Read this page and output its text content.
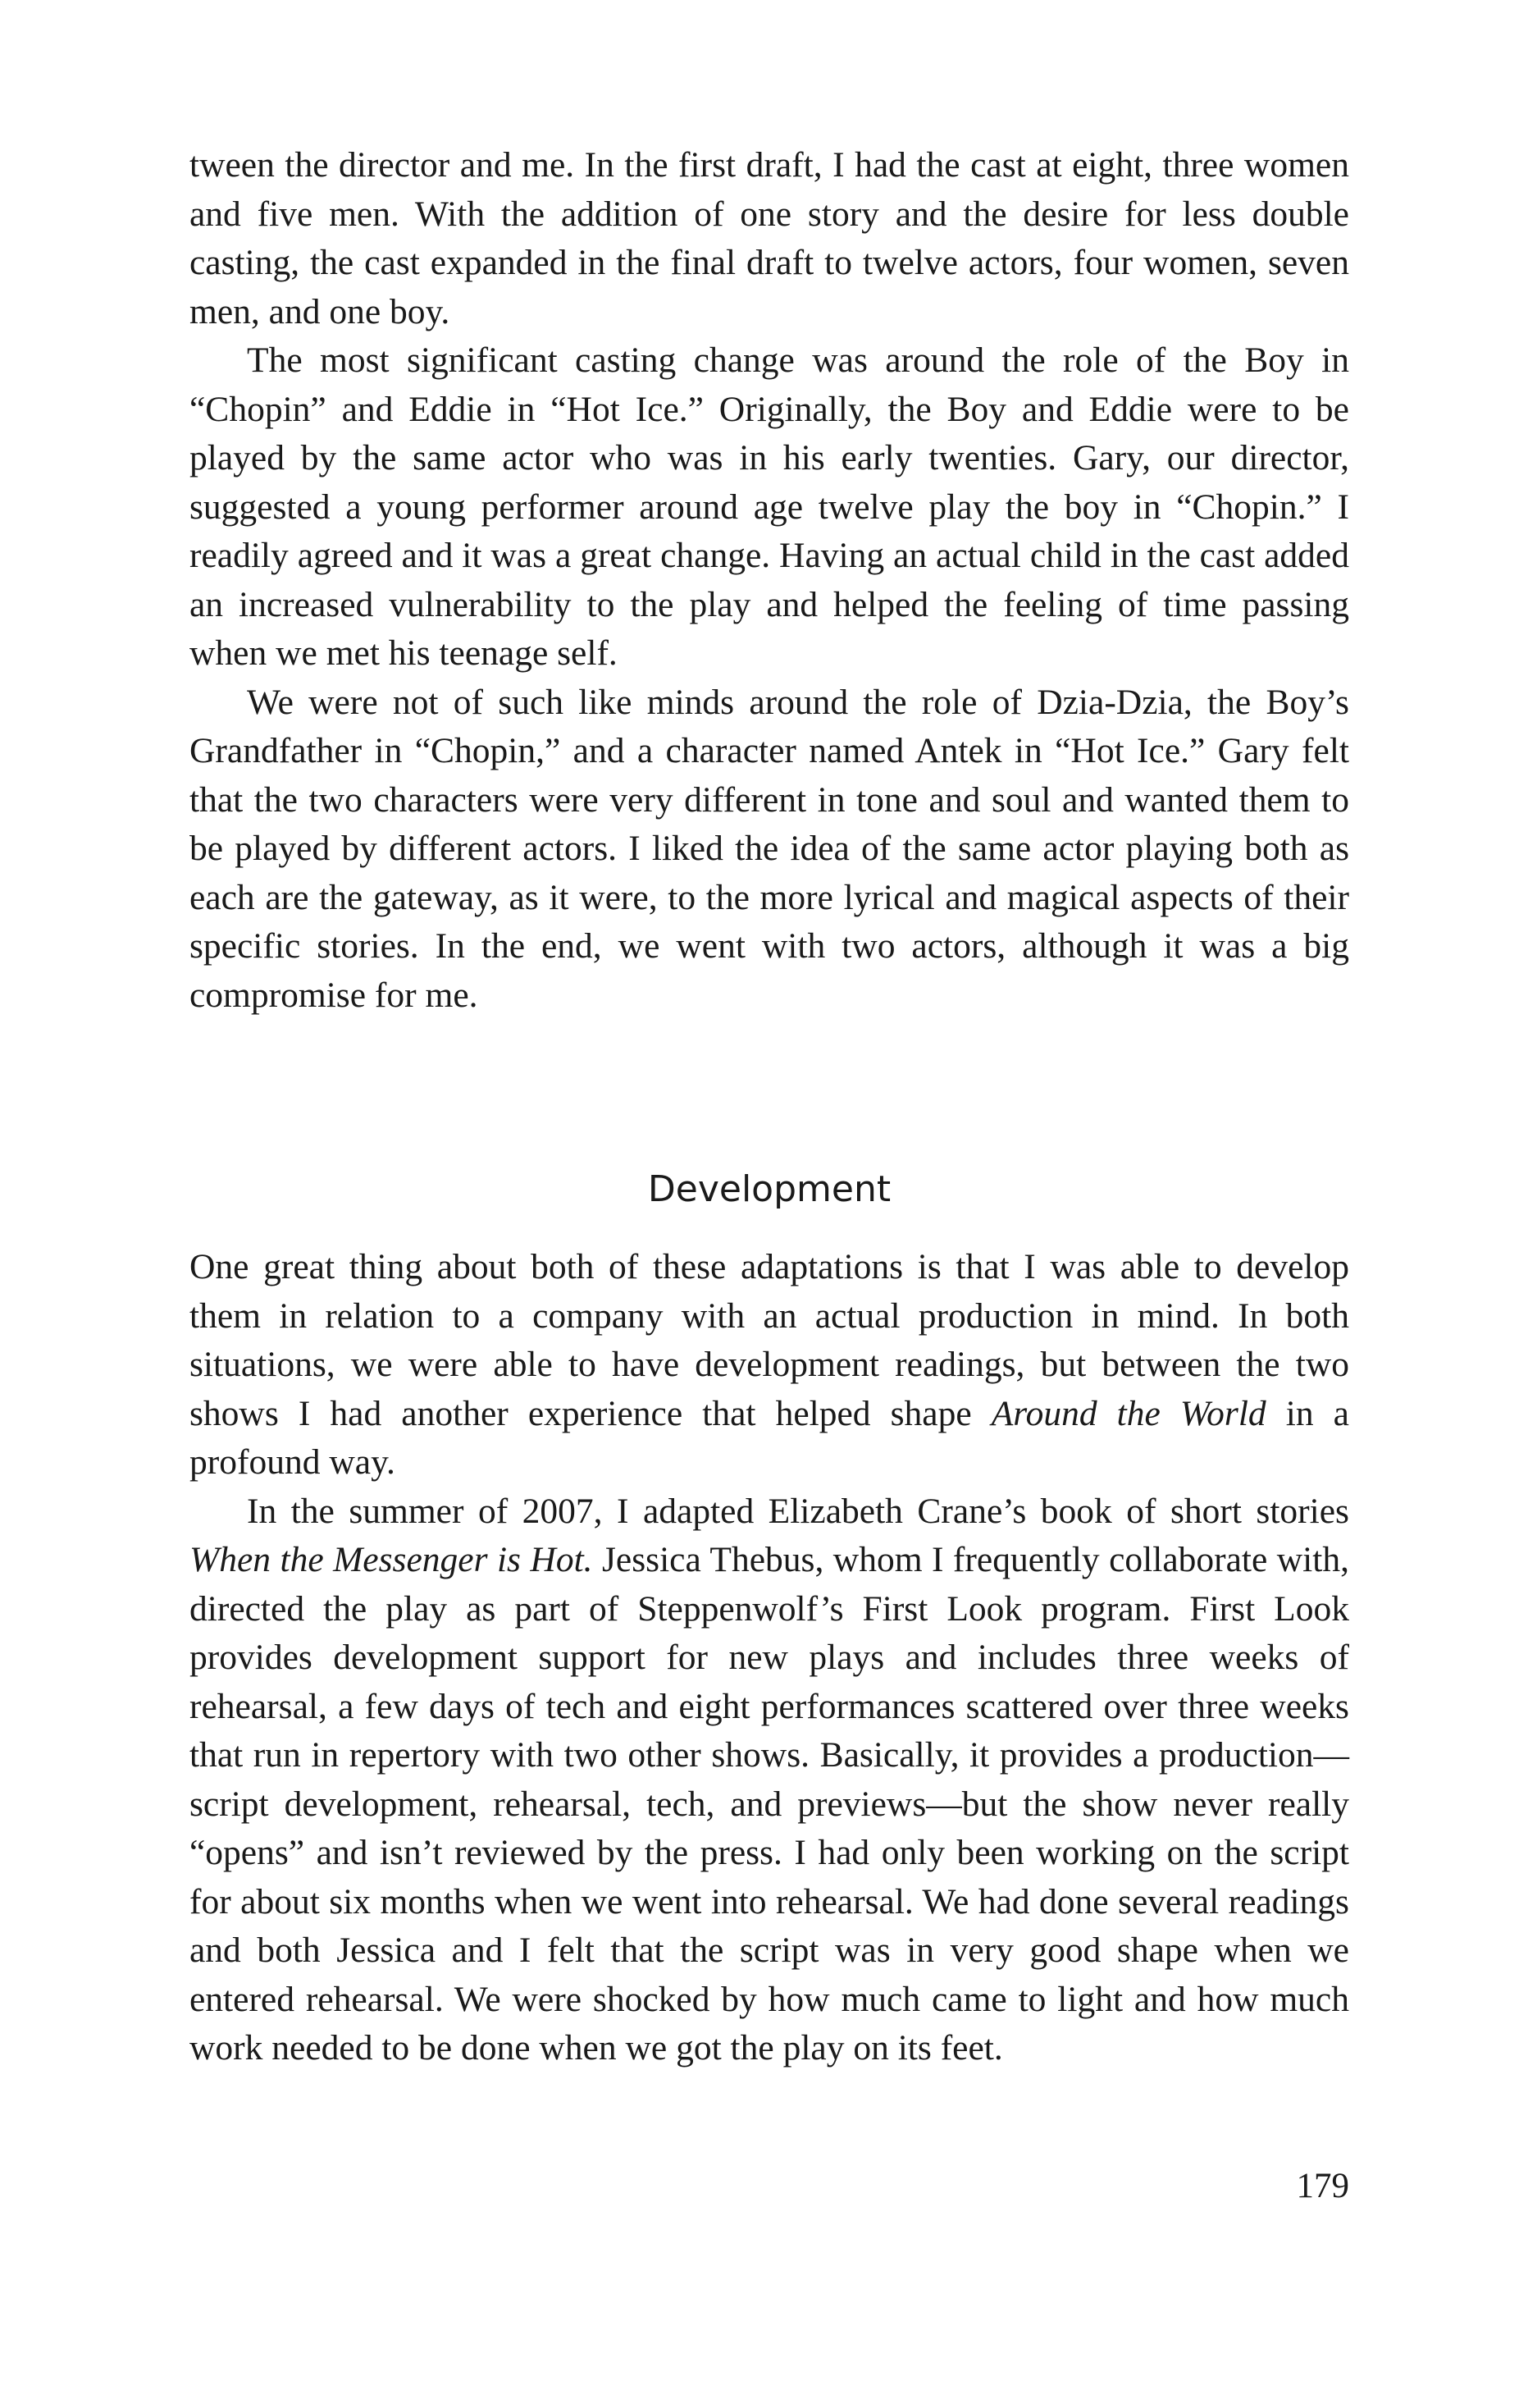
tween the director and me. In the first draft, I had the cast at eight, three women and five men. With the addition of one story and the desire for less double casting, the cast expanded in the final draft to twelve actors, four women, seven men, and one boy.

The most significant casting change was around the role of the Boy in “Chopin” and Eddie in “Hot Ice.” Originally, the Boy and Eddie were to be played by the same actor who was in his early twenties. Gary, our director, suggested a young performer around age twelve play the boy in “Chopin.” I readily agreed and it was a great change. Having an actual child in the cast added an increased vulnerability to the play and helped the feeling of time passing when we met his teenage self.

We were not of such like minds around the role of Dzia-Dzia, the Boy’s Grandfather in “Chopin,” and a character named Antek in “Hot Ice.” Gary felt that the two characters were very different in tone and soul and wanted them to be played by different actors. I liked the idea of the same actor playing both as each are the gateway, as it were, to the more lyrical and magical aspects of their specific stories. In the end, we went with two actors, although it was a big compromise for me.

Development

One great thing about both of these adaptations is that I was able to develop them in relation to a company with an actual production in mind. In both situations, we were able to have development readings, but between the two shows I had another experience that helped shape Around the World in a profound way.

In the summer of 2007, I adapted Elizabeth Crane’s book of short stories When the Messenger is Hot. Jessica Thebus, whom I frequently collaborate with, directed the play as part of Steppenwolf’s First Look program. First Look provides development support for new plays and includes three weeks of rehearsal, a few days of tech and eight performances scattered over three weeks that run in repertory with two other shows. Basically, it provides a production—script development, rehearsal, tech, and previews—but the show never really “opens” and isn’t reviewed by the press. I had only been working on the script for about six months when we went into rehearsal. We had done several readings and both Jessica and I felt that the script was in very good shape when we entered rehearsal. We were shocked by how much came to light and how much work needed to be done when we got the play on its feet.

179
